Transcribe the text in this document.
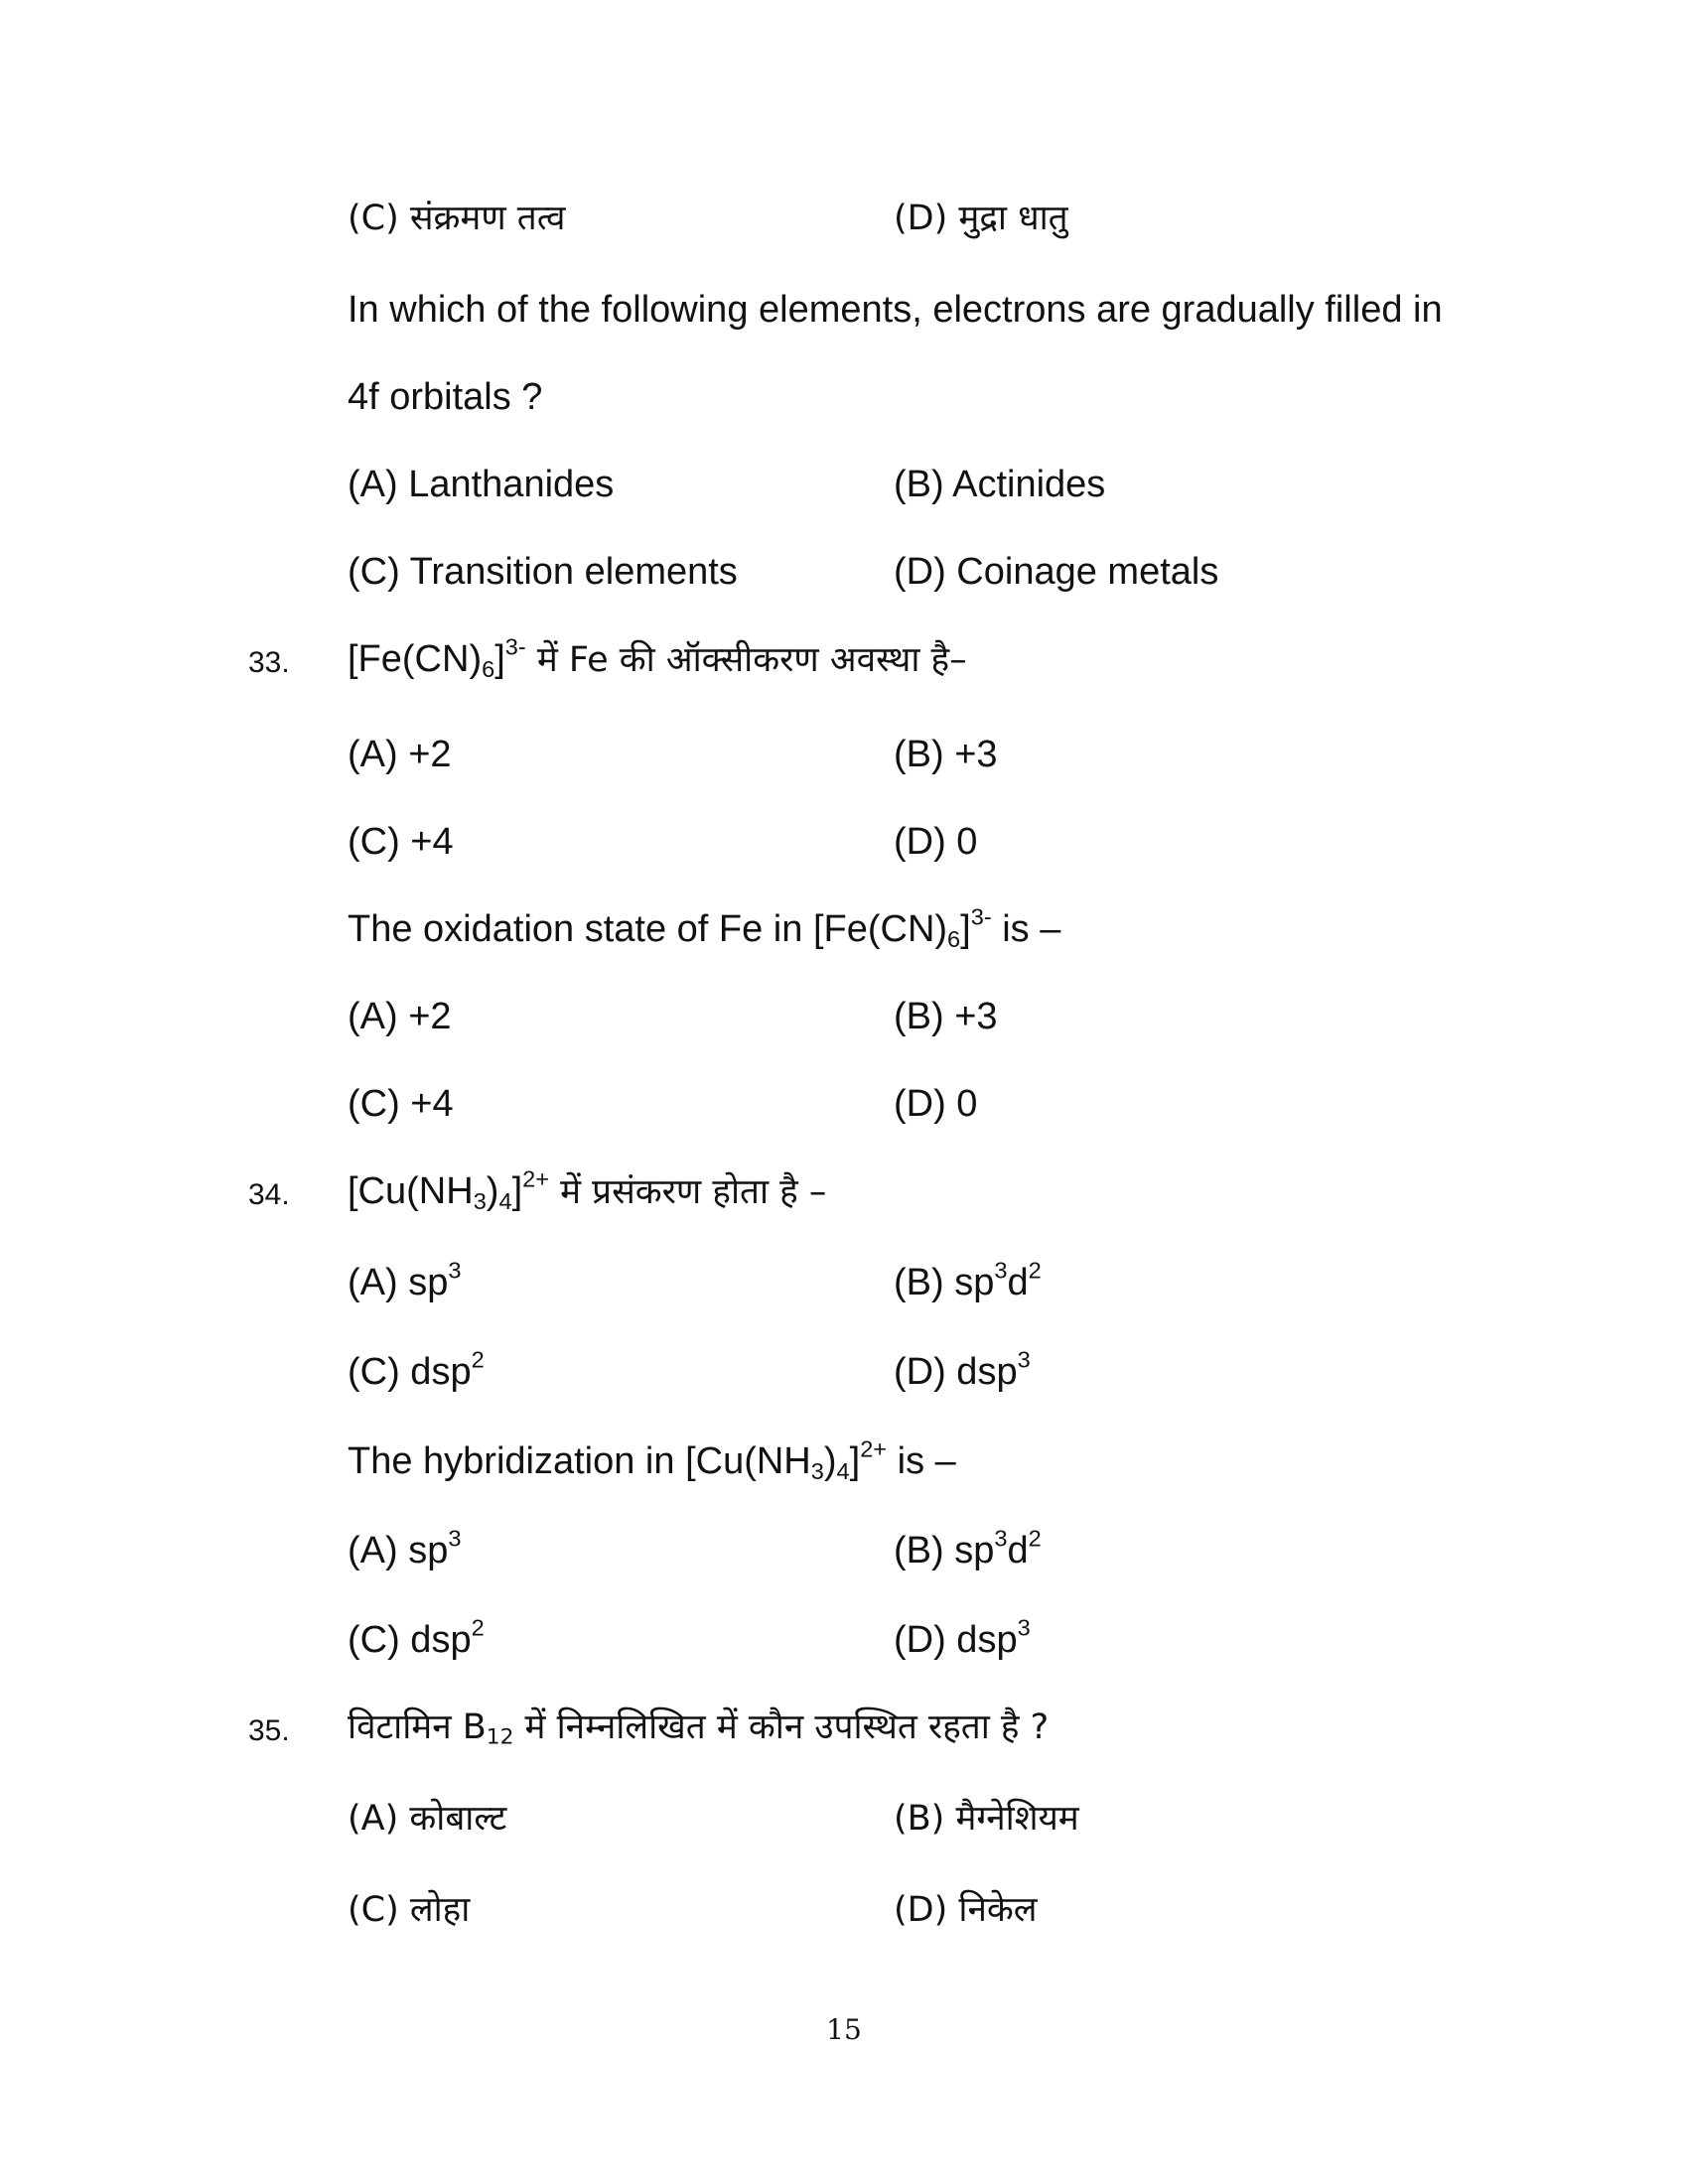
(C) संक्रमण तत्व	(D) मुद्रा धातु
In which of the following elements, electrons are gradually filled in
4f orbitals ?
(A) Lanthanides	(B) Actinides
(C) Transition elements	(D) Coinage metals
33. $[Fe(CN)_6]^{3-}$ में Fe की ऑक्सीकरण अवस्था है–
(A) +2	(B) +3
(C) +4	(D) 0
The oxidation state of Fe in $[Fe(CN)_6]^{3-}$ is –
(A) +2	(B) +3
(C) +4	(D) 0
34. $[Cu(NH_3)_4]^{2+}$ में प्रसंकरण होता है –
(A) $sp^3$	(B) $sp^3d^2$
(C) dsp$^2$	(D) dsp$^3$
The hybridization in $[Cu(NH_3)_4]^{2+}$ is –
(A) $sp^3$	(B) $sp^3d^2$
(C) dsp$^2$	(D) dsp$^3$
35. विटामिन $B_{12}$ में निम्नलिखित में कौन उपस्थित रहता है ?
(A) कोबाल्ट	(B) मैग्नेशियम
(C) लोहा	(D) निकेल
15
